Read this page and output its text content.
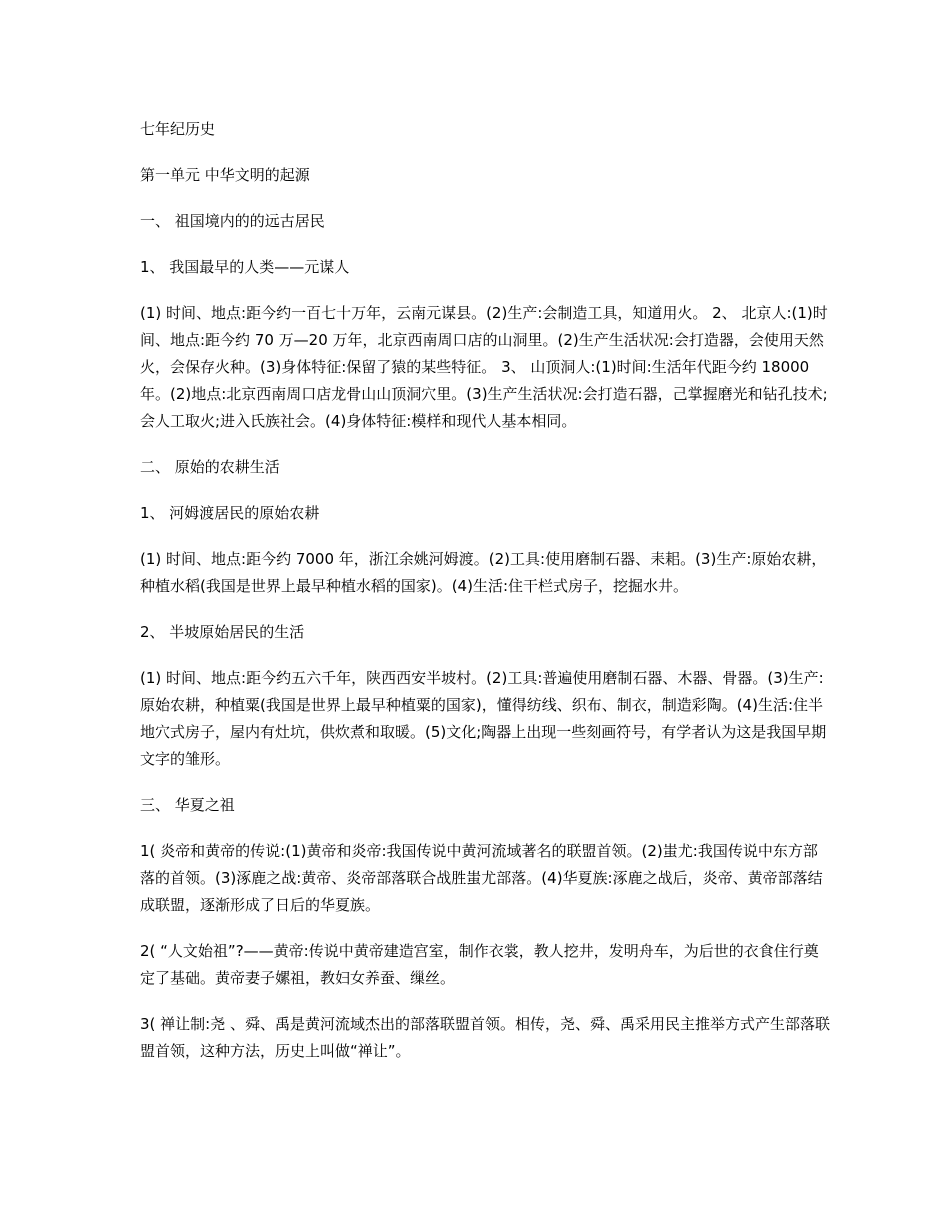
七年纪历史

第一单元 中华文明的起源

一、 祖国境内的的远古居民

1、 我国最早的人类——元谋人

(1) 时间、地点:距今约一百七十万年，云南元谋县。(2)生产:会制造工具，知道用火。 2、 北京人:(1)时间、地点:距今约 70 万—20 万年，北京西南周口店的山洞里。(2)生产生活状况:会打造器，会使用天然火，会保存火种。(3)身体特征:保留了猿的某些特征。 3、 山顶洞人:(1)时间:生活年代距今约 18000 年。(2)地点:北京西南周口店龙骨山山顶洞穴里。(3)生产生活状况:会打造石器，己掌握磨光和钻孔技术;会人工取火;进入氏族社会。(4)身体特征:模样和现代人基本相同。

二、 原始的农耕生活

1、 河姆渡居民的原始农耕

(1) 时间、地点:距今约 7000 年，浙江余姚河姆渡。(2)工具:使用磨制石器、耒耜。(3)生产:原始农耕，种植水稻(我国是世界上最早种植水稻的国家)。(4)生活:住干栏式房子，挖掘水井。

2、 半坡原始居民的生活

(1) 时间、地点:距今约五六千年，陕西西安半坡村。(2)工具:普遍使用磨制石器、木器、骨器。(3)生产:原始农耕，种植粟(我国是世界上最早种植粟的国家)，懂得纺线、织布、制衣，制造彩陶。(4)生活:住半地穴式房子，屋内有灶坑，供炊煮和取暖。(5)文化;陶器上出现一些刻画符号，有学者认为这是我国早期文字的雏形。

三、 华夏之祖

1( 炎帝和黄帝的传说:(1)黄帝和炎帝:我国传说中黄河流域著名的联盟首领。(2)蚩尤:我国传说中东方部落的首领。(3)涿鹿之战:黄帝、炎帝部落联合战胜蚩尤部落。(4)华夏族:涿鹿之战后，炎帝、黄帝部落结成联盟，逐渐形成了日后的华夏族。

2( “人文始祖”?——黄帝:传说中黄帝建造宫室，制作衣裳，教人挖井，发明舟车，为后世的衣食住行奠定了基础。黄帝妻子嫘祖，教妇女养蚕、缫丝。

3( 禅让制:尧 、舜、禹是黄河流域杰出的部落联盟首领。相传，尧、舜、禹采用民主推举方式产生部落联盟首领，这种方法，历史上叫做“禅让”。
